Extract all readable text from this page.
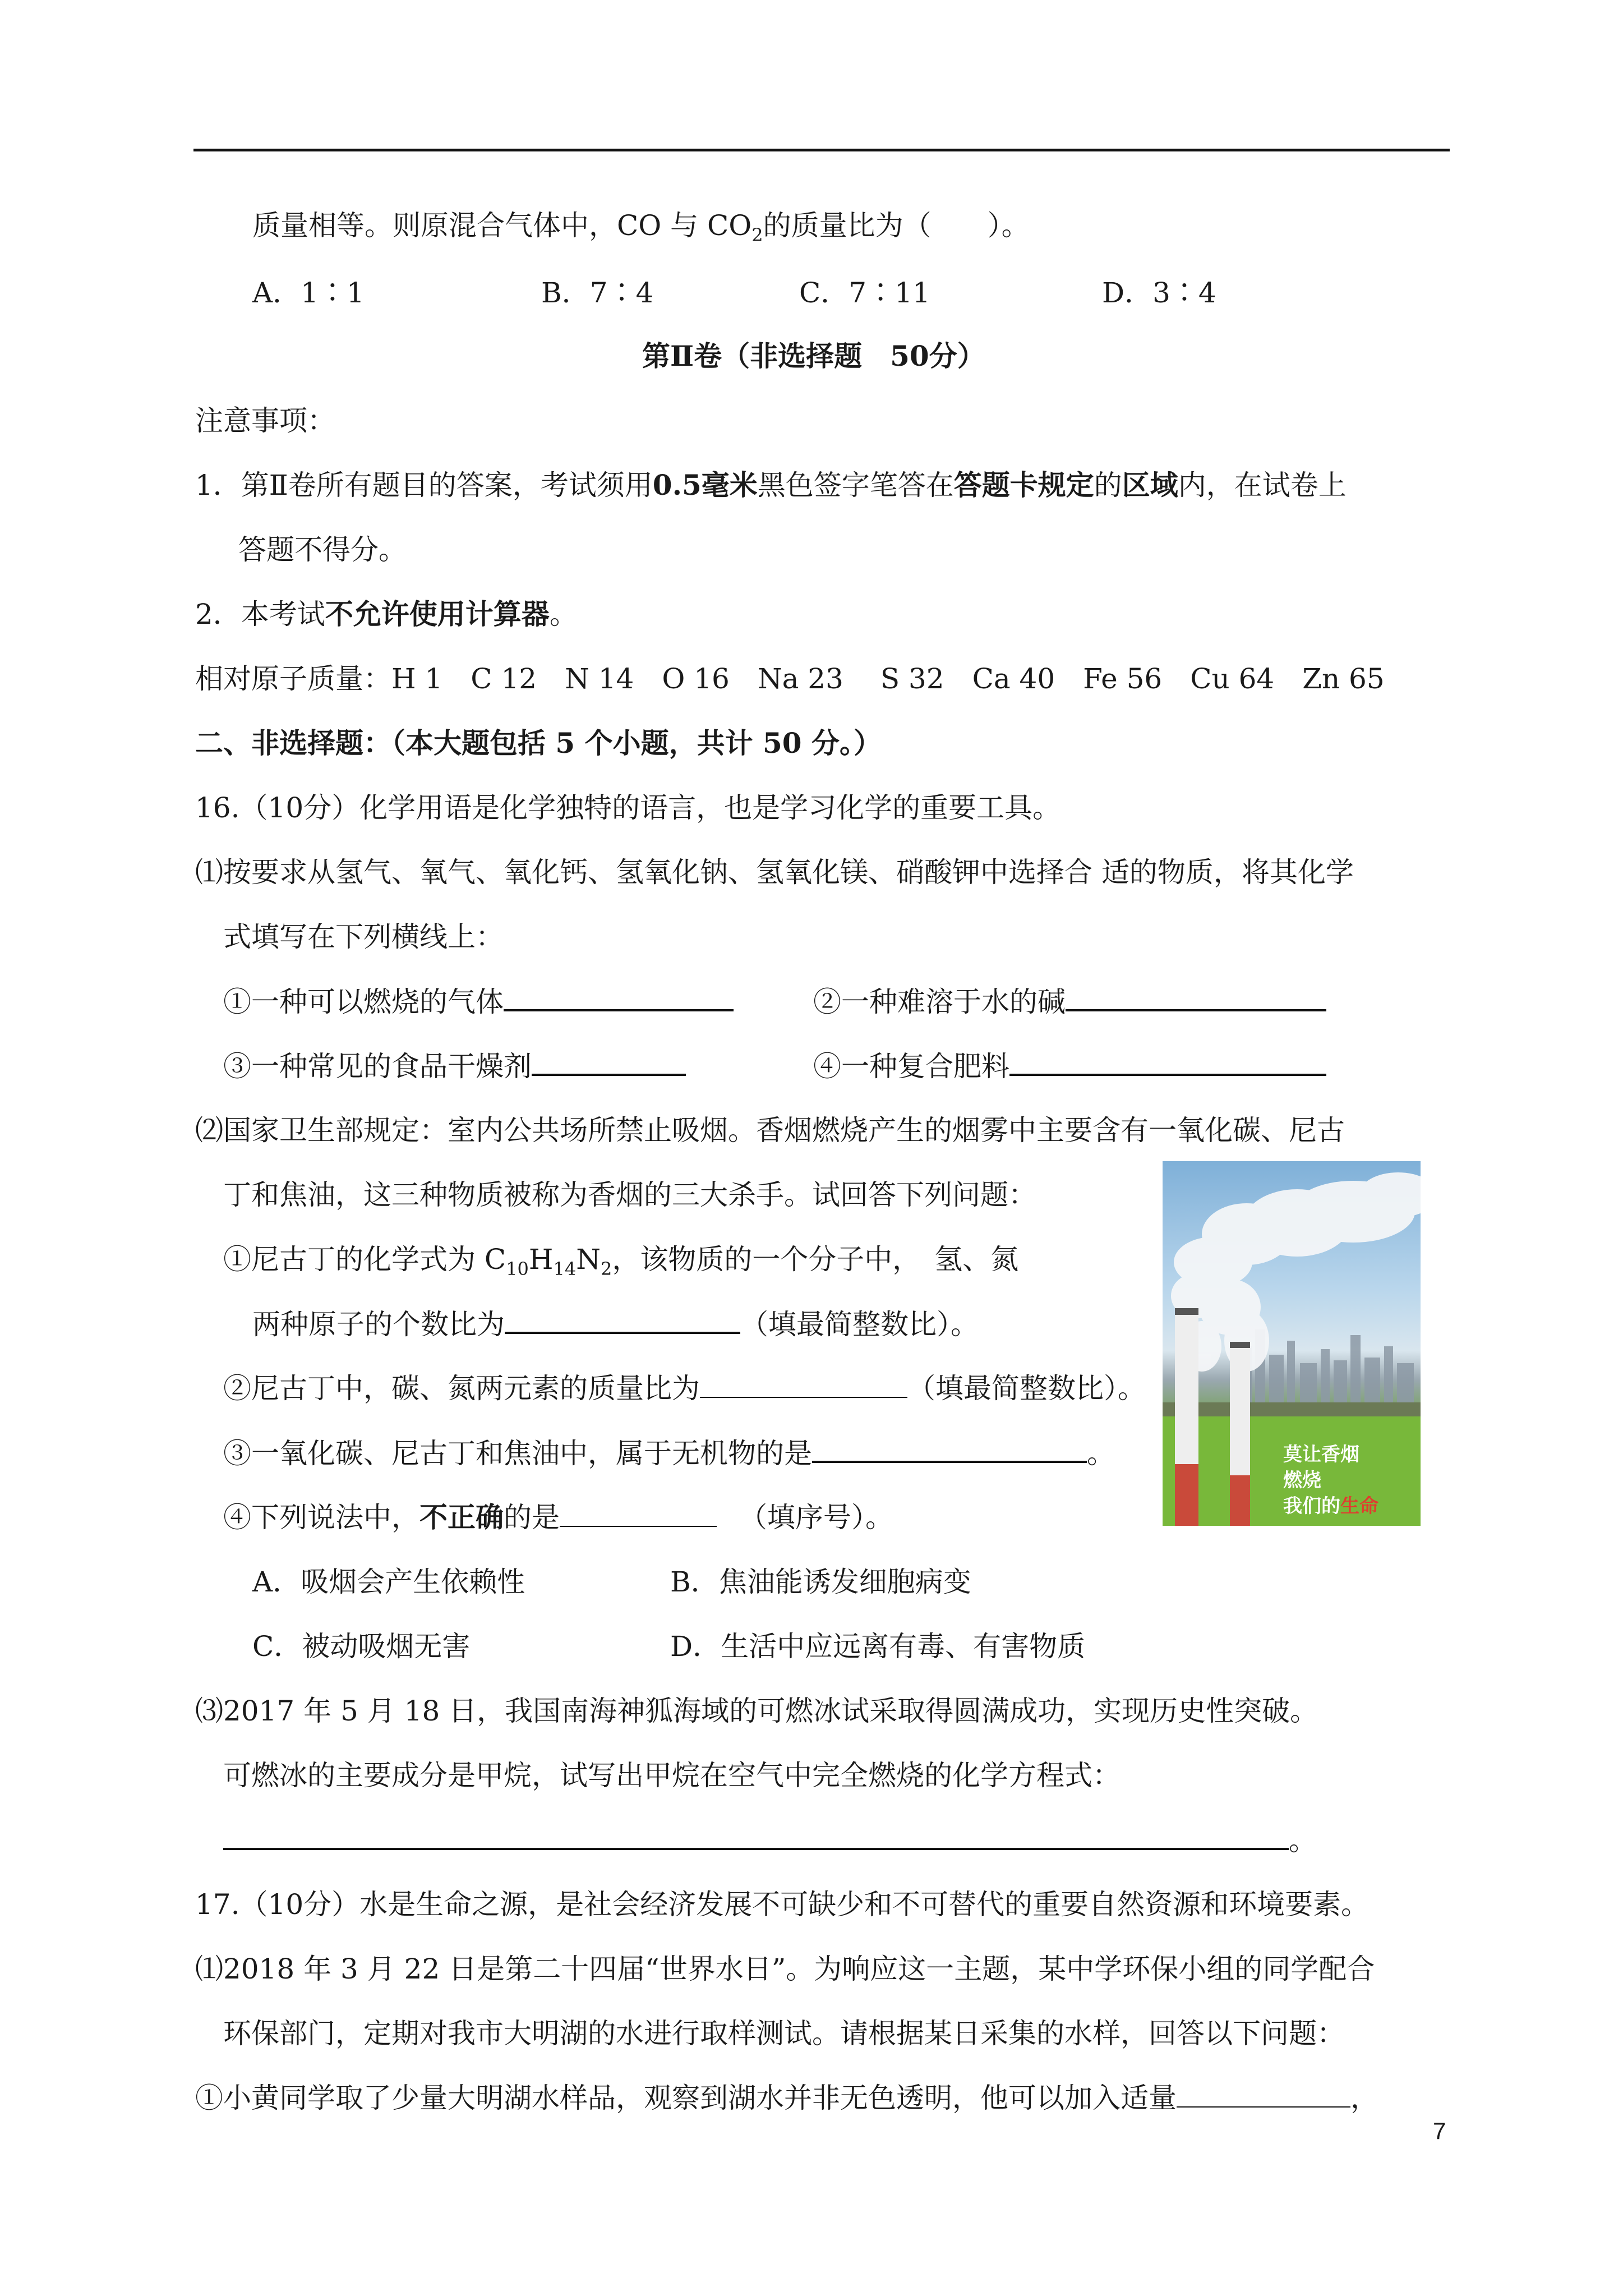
质量相等。则原混合气体中，CO 与 $CO_2$的质量比为（　　）。
A．1∶1	B．7∶4	C．7∶11	D．3∶4
第Ⅱ卷（非选择题　50分）
注意事项：
1．第Ⅱ卷所有题目的答案，考试须用0.5毫米黑色签字笔答在答题卡规定的区域内，在试卷上
答题不得分。
2．本考试不允许使用计算器。
相对原子质量：H 1　C 12　N 14　O 16　Na 23　 S 32　Ca 40　Fe 56　Cu 64　Zn 65
二、非选择题：（本大题包括 5 个小题，共计 50 分。）
16.（10分）化学用语是化学独特的语言，也是学习化学的重要工具。
⑴按要求从氢气、氧气、氧化钙、氢氧化钠、氢氧化镁、硝酸钾中选择合 适的物质，将其化学
式填写在下列横线上：
①一种可以燃烧的气体	②一种难溶于水的碱
③一种常见的食品干燥剂	④一种复合肥料
⑵国家卫生部规定：室内公共场所禁止吸烟。香烟燃烧产生的烟雾中主要含有一氧化碳、尼古
丁和焦油，这三种物质被称为香烟的三大杀手。试回答下列问题：
①尼古丁的化学式为 $C_{10}H_{14}N_2$，该物质的一个分子中，　氢、氮
两种原子的个数比为	（填最简整数比）。
②尼古丁中，碳、氮两元素的质量比为	（填最简整数比）。
③一氧化碳、尼古丁和焦油中，属于无机物的是	。
④下列说法中，不正确的是	（填序号）。
A．吸烟会产生依赖性	B．焦油能诱发细胞病变
C．被动吸烟无害	D．生活中应远离有毒、有害物质
⑶2017 年 5 月 18 日，我国南海神狐海域的可燃冰试采取得圆满成功，实现历史性突破。
可燃冰的主要成分是甲烷，试写出甲烷在空气中完全燃烧的化学方程式：
。
莫让香烟
燃烧
我们的生命
17.（10分）水是生命之源，是社会经济发展不可缺少和不可替代的重要自然资源和环境要素。
⑴2018 年 3 月 22 日是第二十四届“世界水日”。为响应这一主题，某中学环保小组的同学配合
环保部门，定期对我市大明湖的水进行取样测试。请根据某日采集的水样，回答以下问题：
①小黄同学取了少量大明湖水样品，观察到湖水并非无色透明，他可以加入适量	，
7
